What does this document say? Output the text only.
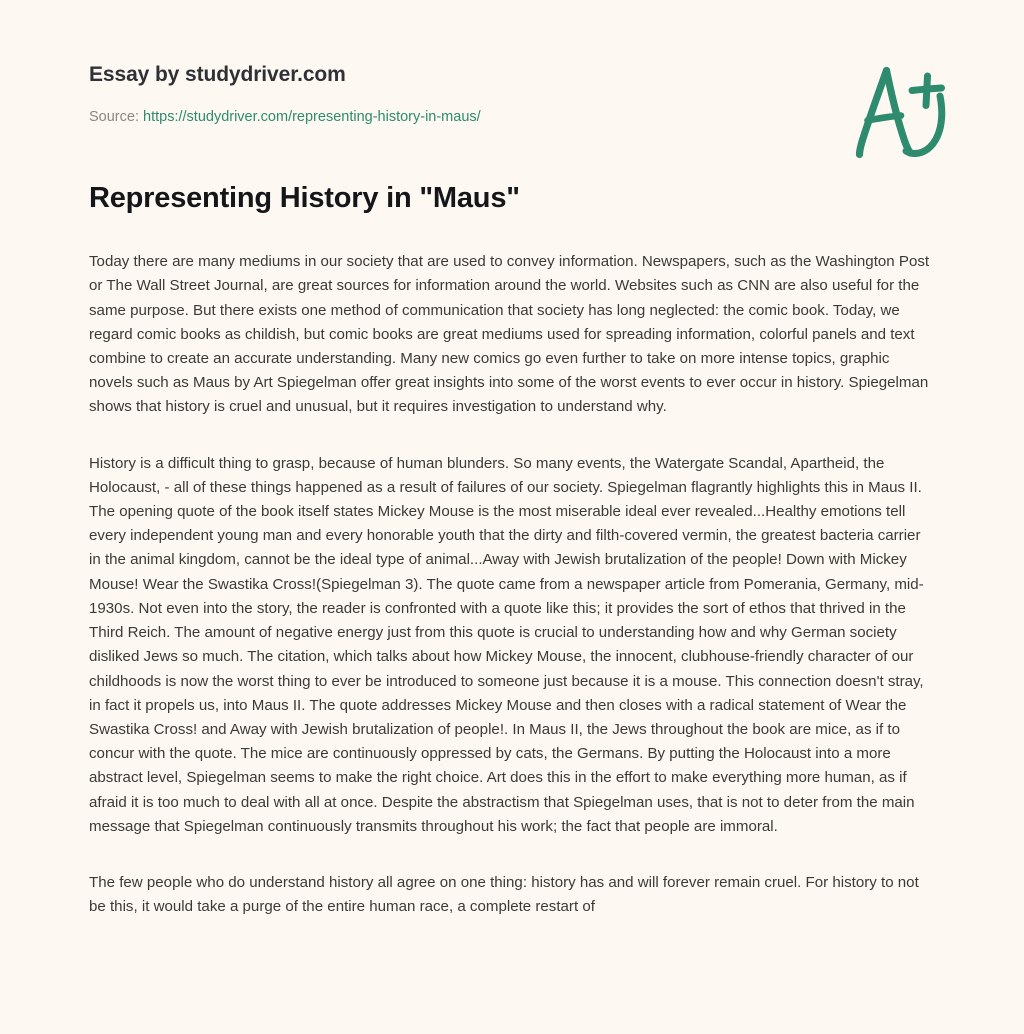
Essay by studydriver.com
Source: https://studydriver.com/representing-history-in-maus/
Representing History in "Maus"

Today there are many mediums in our society that are used to convey information. Newspapers, such as the Washington Post or The Wall Street Journal, are great sources for information around the world. Websites such as CNN are also useful for the same purpose. But there exists one method of communication that society has long neglected: the comic book. Today, we regard comic books as childish, but comic books are great mediums used for spreading information, colorful panels and text combine to create an accurate understanding. Many new comics go even further to take on more intense topics, graphic novels such as Maus by Art Spiegelman offer great insights into some of the worst events to ever occur in history. Spiegelman shows that history is cruel and unusual, but it requires investigation to understand why.

History is a difficult thing to grasp, because of human blunders. So many events, the Watergate Scandal, Apartheid, the Holocaust, - all of these things happened as a result of failures of our society. Spiegelman flagrantly highlights this in Maus II. The opening quote of the book itself states Mickey Mouse is the most miserable ideal ever revealed...Healthy emotions tell every independent young man and every honorable youth that the dirty and filth-covered vermin, the greatest bacteria carrier in the animal kingdom, cannot be the ideal type of animal...Away with Jewish brutalization of the people! Down with Mickey Mouse! Wear the Swastika Cross!(Spiegelman 3). The quote came from a newspaper article from Pomerania, Germany, mid-1930s. Not even into the story, the reader is confronted with a quote like this; it provides the sort of ethos that thrived in the Third Reich. The amount of negative energy just from this quote is crucial to understanding how and why German society disliked Jews so much. The citation, which talks about how Mickey Mouse, the innocent, clubhouse-friendly character of our childhoods is now the worst thing to ever be introduced to someone just because it is a mouse. This connection doesn't stray, in fact it propels us, into Maus II. The quote addresses Mickey Mouse and then closes with a radical statement of Wear the Swastika Cross! and Away with Jewish brutalization of people!. In Maus II, the Jews throughout the book are mice, as if to concur with the quote. The mice are continuously oppressed by cats, the Germans. By putting the Holocaust into a more abstract level, Spiegelman seems to make the right choice. Art does this in the effort to make everything more human, as if afraid it is too much to deal with all at once. Despite the abstractism that Spiegelman uses, that is not to deter from the main message that Spiegelman continuously transmits throughout his work; the fact that people are immoral.

The few people who do understand history all agree on one thing: history has and will forever remain cruel. For history to not be this, it would take a purge of the entire human race, a complete restart of
